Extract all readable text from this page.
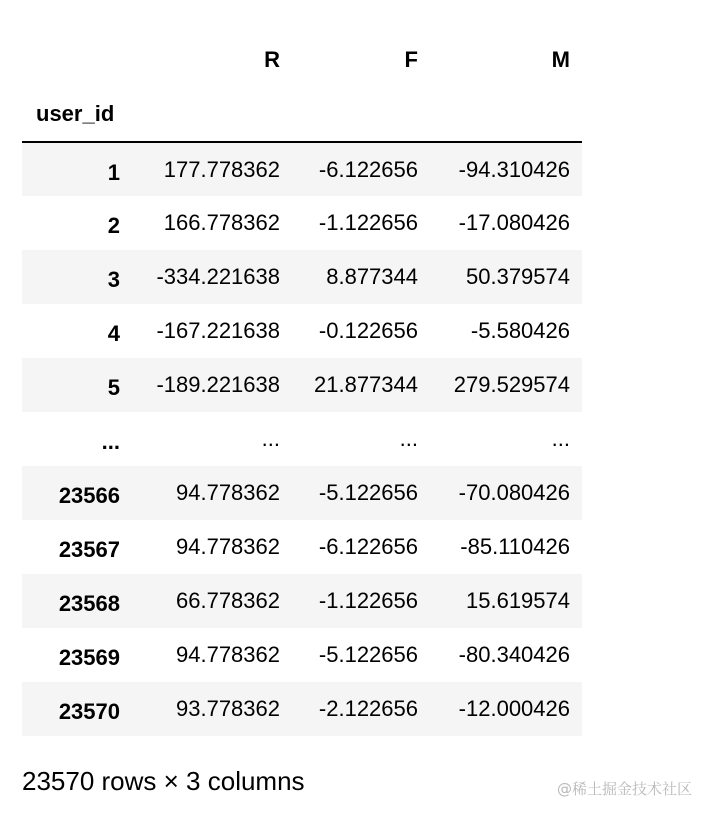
	R	F	M
user_id			
1	177.778362	-6.122656	-94.310426
2	166.778362	-1.122656	-17.080426
3	-334.221638	8.877344	50.379574
4	-167.221638	-0.122656	-5.580426
5	-189.221638	21.877344	279.529574
...	...	...	...
23566	94.778362	-5.122656	-70.080426
23567	94.778362	-6.122656	-85.110426
23568	66.778362	-1.122656	15.619574
23569	94.778362	-5.122656	-80.340426
23570	93.778362	-2.122656	-12.000426
23570 rows × 3 columns	@稀土掘金技术社区
